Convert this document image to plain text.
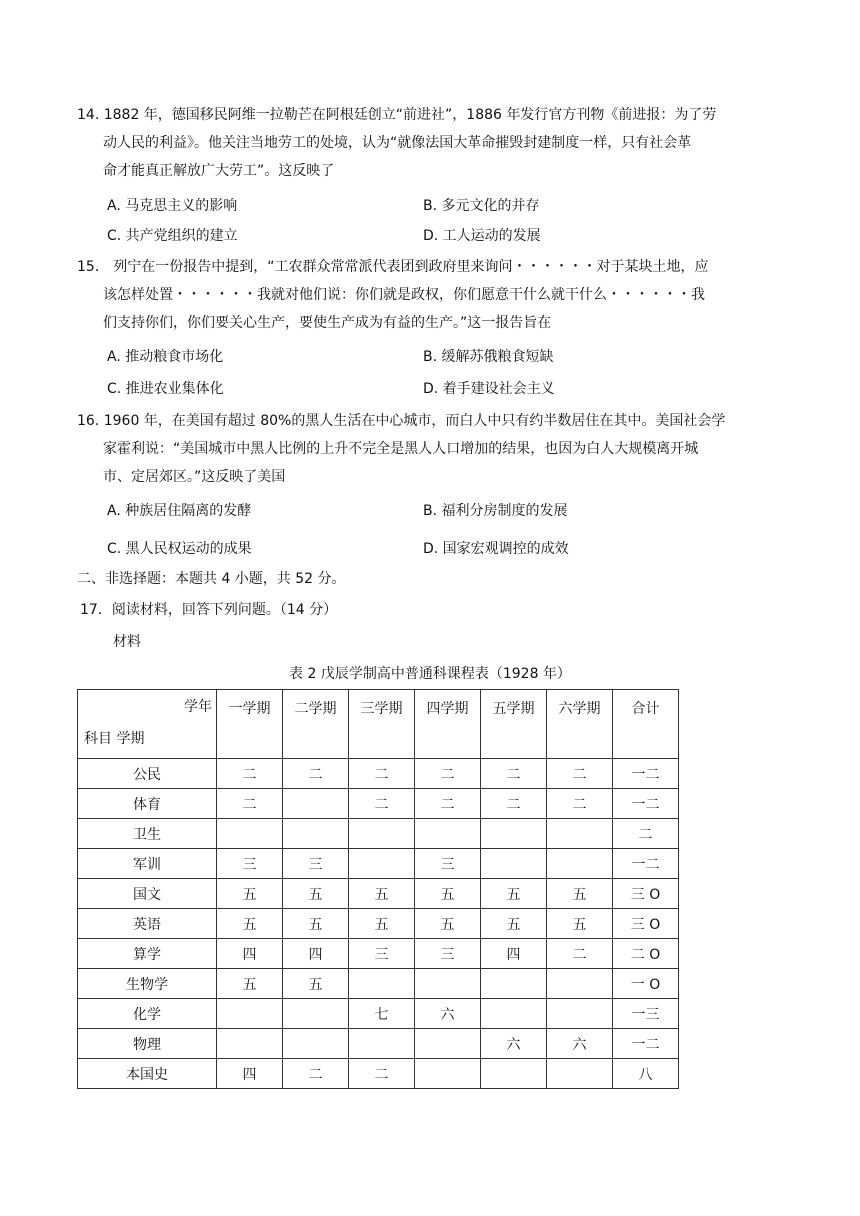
14. 1882 年，德国移民阿维一拉勒芒在阿根廷创立“前进社”，1886 年发行官方刊物《前进报：为了劳
动人民的利益》。他关注当地劳工的处境，认为“就像法国大革命摧毁封建制度一样，只有社会革
命才能真正解放广大劳工”。这反映了
A. 马克思主义的影响	B. 多元文化的并存
C. 共产党组织的建立	D. 工人运动的发展
15． 列宁在一份报告中提到，“工农群众常常派代表团到政府里来询问・・・・・・对于某块土地，应
该怎样处置・・・・・・我就对他们说：你们就是政权，你们愿意干什么就干什么・・・・・・我
们支持你们，你们要关心生产，要使生产成为有益的生产。”这一报告旨在
A. 推动粮食市场化	B. 缓解苏俄粮食短缺
C. 推进农业集体化	D. 着手建设社会主义
16. 1960 年，在美国有超过 80%的黑人生活在中心城市，而白人中只有约半数居住在其中。美国社会学
家霍利说：“美国城市中黑人比例的上升不完全是黑人人口增加的结果，也因为白人大规模离开城
市、定居郊区。”这反映了美国
A. 种族居住隔离的发酵	B. 福利分房制度的发展
C. 黑人民权运动的成果	D. 国家宏观调控的成效
二、非选择题：本题共 4 小题，共 52 分。
17．阅读材料，回答下列问题。（14 分）
材料
表 2 戊辰学制高中普通科课程表（1928 年）
学年
科目 学期	一学期	二学期	三学期	四学期	五学期	六学期	合计
公民	二	二	二	二	二	二	一二
体育	二		二	二	二	二	一二
卫生							二
军训	三	三		三			一二
国文	五	五	五	五	五	五	三 O
英语	五	五	五	五	五	五	三 O
算学	四	四	三	三	四	二	二 O
生物学	五	五					一 O
化学			七	六			一三
物理					六	六	一二
本国史	四	二	二				八
